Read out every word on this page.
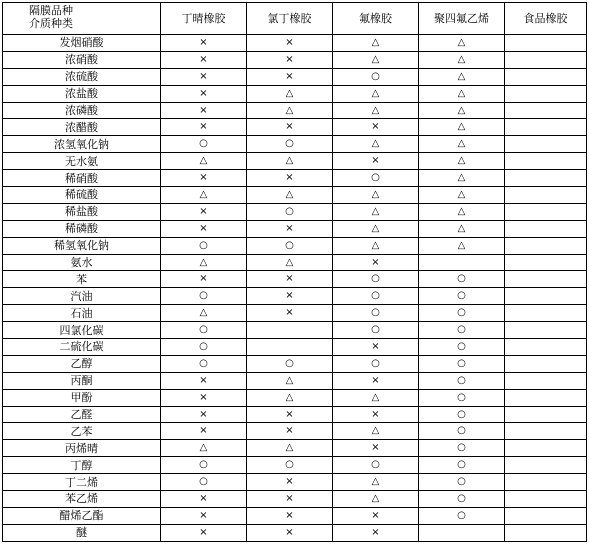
隔膜品种
介质种类	丁晴橡胶	氯丁橡胶	氟橡胶	聚四氟乙烯	食品橡胶
发烟硝酸	×	×	△	△	
浓硝酸	×	×	△	△	
浓硫酸	×	×	○	△	
浓盐酸	×	△	△	△	
浓磷酸	×	△	△	△	
浓醋酸	×	×	×	△	
浓氢氧化钠	○	○	△	△	
无水氨	△	△	×	△	
稀硝酸	×	×	○	△	
稀硫酸	△	△	△	△	
稀盐酸	×	○	△	△	
稀磷酸	×	×	△	△	
稀氢氧化钠	○	○	△	△	
氨水	△	△	×		
苯	×	×	○	○	
汽油	○	×	○	○	
石油	△	×	○	○	
四氯化碳	○		○	○	
二硫化碳	○		×	○	
乙醇	○	○	○	○	
丙酮	×	△	×	○	
甲酚	×	△	△	○	
乙醛	×	×	×	○	
乙苯	×	×	△	○	
丙烯晴	△	△	×	○	
丁醇	○	○	○	○	
丁二烯	○	×	△	○	
苯乙烯	×	×	△	○	
醋烯乙酯	×	×	×	○	
醚	×	×	×		
